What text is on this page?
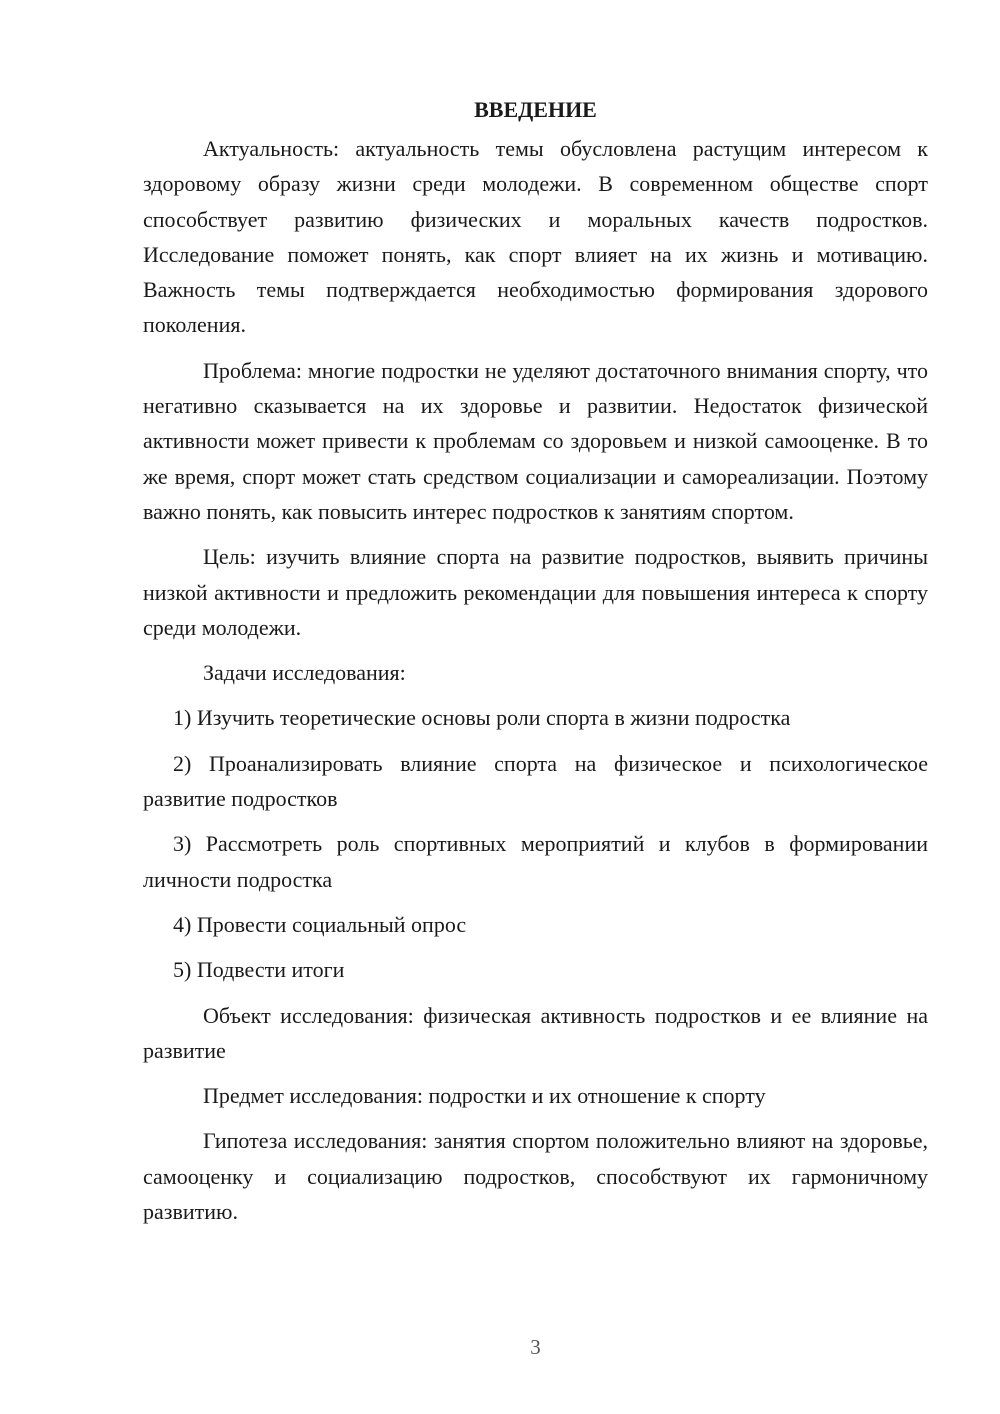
ВВЕДЕНИЕ

Актуальность: актуальность темы обусловлена растущим интересом к здоровому образу жизни среди молодежи. В современном обществе спорт способствует развитию физических и моральных качеств подростков. Исследование поможет понять, как спорт влияет на их жизнь и мотивацию. Важность темы подтверждается необходимостью формирования здорового поколения.

Проблема: многие подростки не уделяют достаточного внимания спорту, что негативно сказывается на их здоровье и развитии. Недостаток физической активности может привести к проблемам со здоровьем и низкой самооценке. В то же время, спорт может стать средством социализации и самореализации. Поэтому важно понять, как повысить интерес подростков к занятиям спортом.

Цель: изучить влияние спорта на развитие подростков, выявить причины низкой активности и предложить рекомендации для повышения интереса к спорту среди молодежи.

Задачи исследования:

1) Изучить теоретические основы роли спорта в жизни подростка

2) Проанализировать влияние спорта на физическое и психологическое развитие подростков

3) Рассмотреть роль спортивных мероприятий и клубов в формировании личности подростка

4) Провести социальный опрос

5) Подвести итоги

Объект исследования: физическая активность подростков и ее влияние на развитие

Предмет исследования: подростки и их отношение к спорту

Гипотеза исследования: занятия спортом положительно влияют на здоровье, самооценку и социализацию подростков, способствуют их гармоничному развитию.

3
